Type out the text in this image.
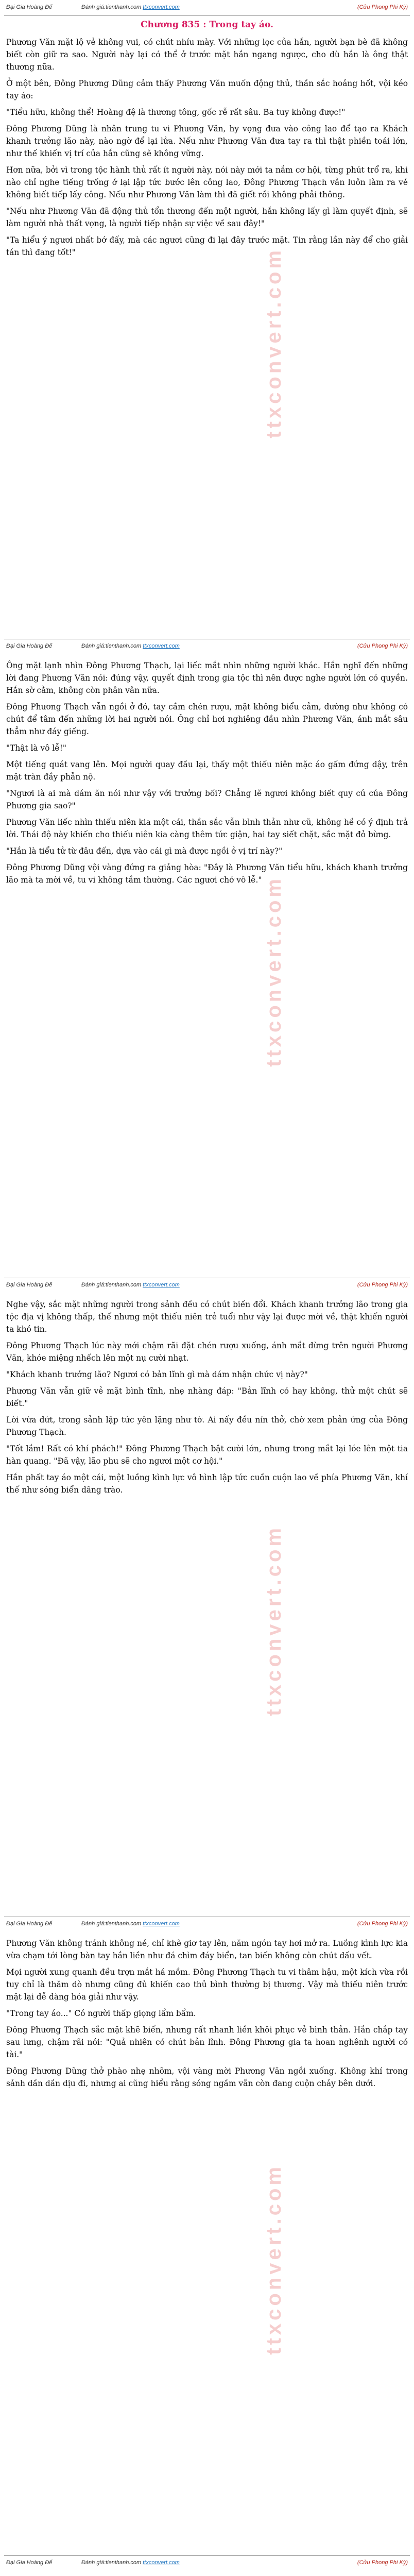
Đại Gia Hoàng Đế	Đánh giá:tienthanh.com ttxconvert.com	(Cửu Phong Phi Kỳ)
Chương 835 : Trong tay áo.

Phương Văn mặt lộ vẻ không vui, có chút nhíu mày. Với những lọc của hắn, người bạn bè đã không biết còn giữ ra sao. Người này lại có thể ở trước mặt hắn ngang ngược, cho dù hắn là ông thật thương nữa.

Ở một bên, Đông Phương Dũng cảm thấy Phương Văn muốn động thủ, thần sắc hoảng hốt, vội kéo tay áo:

"Tiểu hữu, không thể! Hoàng đệ là thương tông, gốc rễ rất sâu. Ba tuy không được!"

Đông Phương Dũng là nhân trung tu vi Phương Văn, hy vọng đưa vào công lao để tạo ra Khách khanh trưởng lão này, nào ngờ để lại lửa. Nếu như Phương Văn đưa tay ra thì thật phiền toái lớn, như thế khiến vị trí của hắn cũng sẽ không vững.

Hơn nữa, bởi vì trong tộc hành thủ rất ít người này, nói này mới ta nắm cơ hội, từng phút trổ ra, khi nào chỉ nghe tiếng trống ở lại lập tức bước lên công lao, Đông Phương Thạch vẫn luôn làm ra vẻ không biết tiếp lấy công. Nếu như Phương Văn làm thì đã giết rồi không phải thông.

"Nếu như Phương Văn đã động thủ tổn thương đến một người, hắn không lấy gì làm quyết định, sẽ làm người nhà thất vọng, là người tiếp nhận sự việc về sau đây!"

"Ta hiểu ý ngươi nhất bớ đấy, mà các ngươi cũng đi lại đây trước mặt. Tin rằng lần này để cho giải tán thì đang tốt!"	ttxconvert.com
Đại Gia Hoàng Đế	Đánh giá:tienthanh.com ttxconvert.com	(Cửu Phong Phi Kỳ)

Ông mặt lạnh nhìn Đông Phương Thạch, lại liếc mắt nhìn những người khác. Hắn nghĩ đến những lời đang Phương Văn nói: đúng vậy, quyết định trong gia tộc thì nên được nghe người lớn có quyền. Hắn sờ cằm, không còn phân vân nữa.

Đông Phương Thạch vẫn ngồi ở đó, tay cầm chén rượu, mặt không biểu cảm, dường như không có chút để tâm đến những lời hai người nói. Ông chỉ hơi nghiêng đầu nhìn Phương Văn, ánh mắt sâu thẳm như đáy giếng.

"Thật là vô lễ!"

Một tiếng quát vang lên. Mọi người quay đầu lại, thấy một thiếu niên mặc áo gấm đứng dậy, trên mặt tràn đầy phẫn nộ.

"Ngươi là ai mà dám ăn nói như vậy với trưởng bối? Chẳng lẽ ngươi không biết quy củ của Đông Phương gia sao?"

Phương Văn liếc nhìn thiếu niên kia một cái, thần sắc vẫn bình thản như cũ, không hề có ý định trả lời. Thái độ này khiến cho thiếu niên kia càng thêm tức giận, hai tay siết chặt, sắc mặt đỏ bừng.

"Hắn là tiểu tử từ đâu đến, dựa vào cái gì mà được ngồi ở vị trí này?"

Đông Phương Dũng vội vàng đứng ra giảng hòa: "Đây là Phương Văn tiểu hữu, khách khanh trưởng lão mà ta mời về, tu vi không tầm thường. Các ngươi chớ vô lễ." ttxconvert.com
Đại Gia Hoàng Đế	Đánh giá:tienthanh.com ttxconvert.com	(Cửu Phong Phi Kỳ)

Nghe vậy, sắc mặt những người trong sảnh đều có chút biến đổi. Khách khanh trưởng lão trong gia tộc địa vị không thấp, thế nhưng một thiếu niên trẻ tuổi như vậy lại được mời về, thật khiến người ta khó tin.

Đông Phương Thạch lúc này mới chậm rãi đặt chén rượu xuống, ánh mắt dừng trên người Phương Văn, khóe miệng nhếch lên một nụ cười nhạt.

"Khách khanh trưởng lão? Ngươi có bản lĩnh gì mà dám nhận chức vị này?"

Phương Văn vẫn giữ vẻ mặt bình tĩnh, nhẹ nhàng đáp: "Bản lĩnh có hay không, thử một chút sẽ biết."

Lời vừa dứt, trong sảnh lập tức yên lặng như tờ. Ai nấy đều nín thở, chờ xem phản ứng của Đông Phương Thạch.

"Tốt lắm! Rất có khí phách!" Đông Phương Thạch bật cười lớn, nhưng trong mắt lại lóe lên một tia hàn quang. "Đã vậy, lão phu sẽ cho ngươi một cơ hội."

Hắn phất tay áo một cái, một luồng kình lực vô hình lập tức cuồn cuộn lao về phía Phương Văn, khí thế như sóng biển dâng trào.

ttxconvert.com
Đại Gia Hoàng Đế	Đánh giá:tienthanh.com ttxconvert.com	(Cửu Phong Phi Kỳ)

Phương Văn không tránh không né, chỉ khẽ giơ tay lên, năm ngón tay hơi mở ra. Luồng kình lực kia vừa chạm tới lòng bàn tay hắn liền như đá chìm đáy biển, tan biến không còn chút dấu vết.

Mọi người xung quanh đều trợn mắt há mồm. Đông Phương Thạch tu vi thâm hậu, một kích vừa rồi tuy chỉ là thăm dò nhưng cũng đủ khiến cao thủ bình thường bị thương. Vậy mà thiếu niên trước mặt lại dễ dàng hóa giải như vậy.

"Trong tay áo..." Có người thấp giọng lẩm bẩm.

Đông Phương Thạch sắc mặt khẽ biến, nhưng rất nhanh liền khôi phục vẻ bình thản. Hắn chắp tay sau lưng, chậm rãi nói: "Quả nhiên có chút bản lĩnh. Đông Phương gia ta hoan nghênh người có tài."

Đông Phương Dũng thở phào nhẹ nhõm, vội vàng mời Phương Văn ngồi xuống. Không khí trong sảnh dần dần dịu đi, nhưng ai cũng hiểu rằng sóng ngầm vẫn còn đang cuộn chảy bên dưới.

ttxconvert.com
Đại Gia Hoàng Đế	Đánh giá:tienthanh.com ttxconvert.com	(Cửu Phong Phi Kỳ)
